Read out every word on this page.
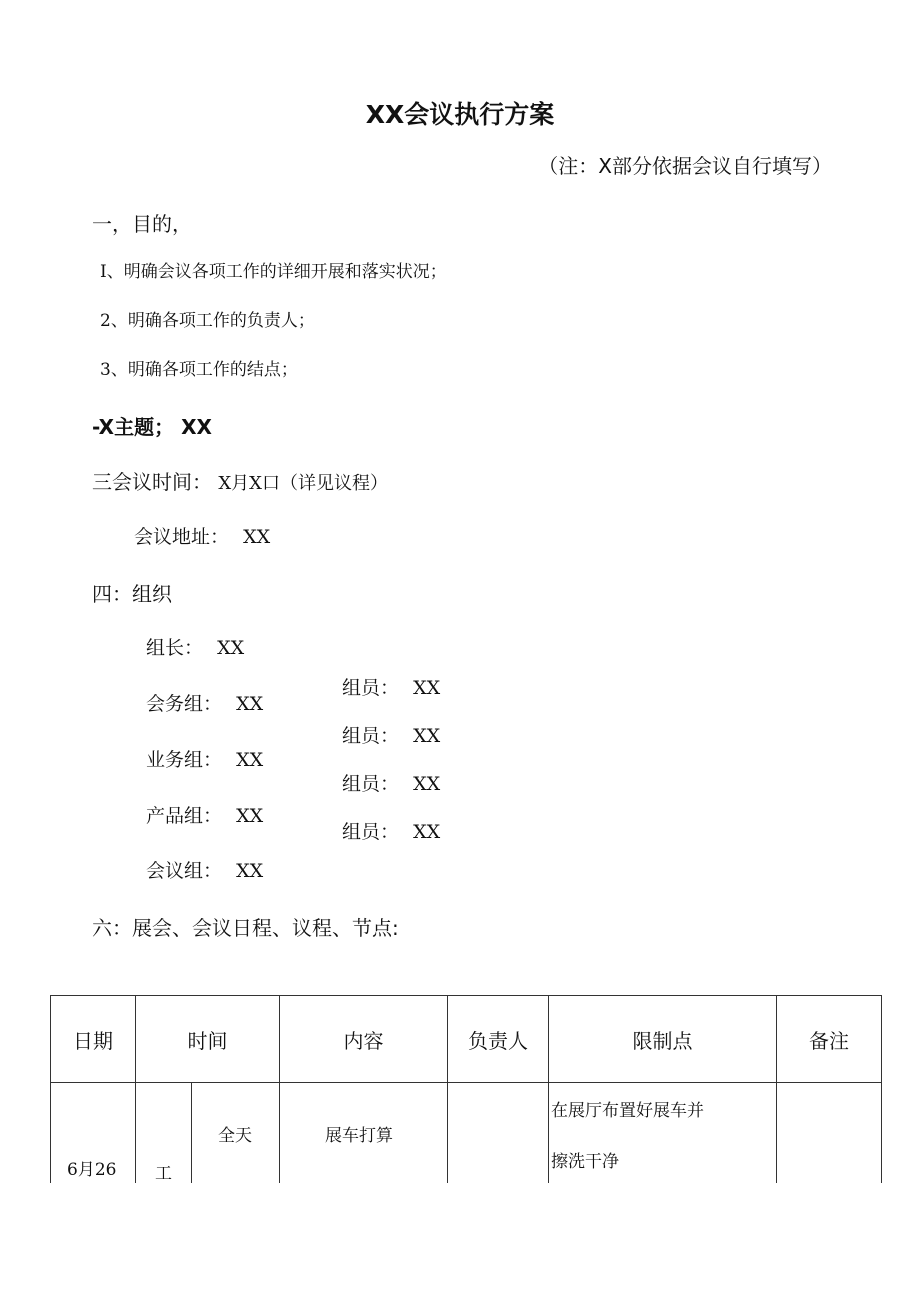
XX会议执行方案
（注：X部分依据会议自行填写）
一，目的，
I、明确会议各项工作的详细开展和落实状况；
2、明确各项工作的负责人；
3、明确各项工作的结点；
-X主题； XX
三会议时间： X月X口（详见议程）
会议地址： XX
四：组织
组长： XX
会务组： XX
业务组： XX
产品组： XX
会议组： XX
组员： XX
组员： XX
组员： XX
组员： XX
六：展会、会议日程、议程、节点:
日期	时间		内容	负责人	限制点	备注

6月26	工	全天	展车打算		在展厅布置好展车并
擦洗干净	
